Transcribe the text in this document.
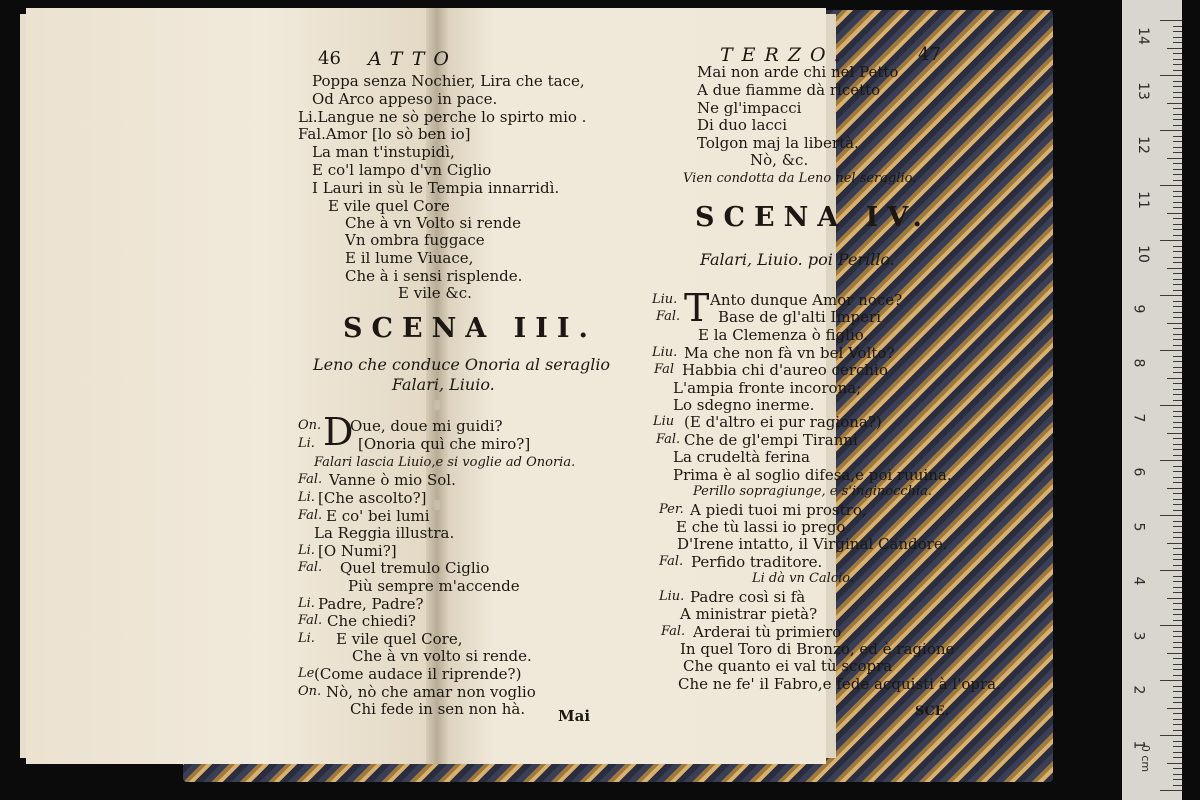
46 ATTO
Poppa senza Nochier, Lira che tace,
Od Arco appeso in pace.
Li.Langue ne sò perche lo spirto mio .
Fal.Amor [lo sò ben io]
La man t'instupidì,
E co'l lampo d'vn Ciglio
I Lauri in sù le Tempia innarridì.
E vile quel Core
Che à vn Volto si rende
Vn ombra fuggace
E il lume Viuace,
Che à i sensi risplende.
E vile &c.
SCENA III.
Leno che conduce Onoria al seraglio
Falari, Liuio.
D
On.	Oue, doue mi guidi?
Li.	[Onoria quì che miro?]
Falari lascia Liuio,e si voglie ad Onoria.
Fal. Vanne ò mio Sol.
Li. [Che ascolto?]
Fal. E co' bei lumi
La Reggia illustra.
Li. [O Numi?]
Fal.	Quel tremulo Ciglio
Più sempre m'accende
Li. Padre, Padre?
Fal. Che chiedi?
Li.	E vile quel Core,
Che à vn volto si rende.
Le (Come audace il riprende?)
On. Nò, nò che amar non voglio
Chi fede in sen non hà. Mai
TERZO.	47
Mai non arde chi nel Petto
A due fiamme dà ricetto
Ne gl'impacci
Di duo lacci
Tolgon maj la libertà.
Nò, &c.
Vien condotta da Leno nel seraglio.
SCENA IV.
Falari, Liuio. poi Perillo.
T
Liu.	Anto dunque Amor noce?
Fal.	Base de gl'alti Imperi
E la Clemenza ò figlio.
Liu. Ma che non fà vn bel Volto?
Fal Habbia chi d'aureo cerchio
L'ampia fronte incorona;
Lo sdegno inerme.
Liu (E d'altro ei pur ragiona?)
Fal. Che de gl'empi Tiranni
La crudeltà ferina
Prima è al soglio difesa,e poi ruuina.
Perillo sopragiunge, e s'inginocchia.
Per. A piedi tuoi mi prostro,
E che tù lassi io prego
D'Irene intatto, il Virginal Candore.
Fal. Perfido traditore.
Li dà vn Calcio.
Liu. Padre così si fà
A ministrar pietà?
Fal. Arderai tù primiero
In quel Toro di Bronzo, ed è ragione
Che quanto ei val tù scopra
Che ne fe' il Fabro,e fede acquisti à l'opra.
SCE.
0 cm
14
13
12
11
10
9
8
7
6
5
4
3
2
1
